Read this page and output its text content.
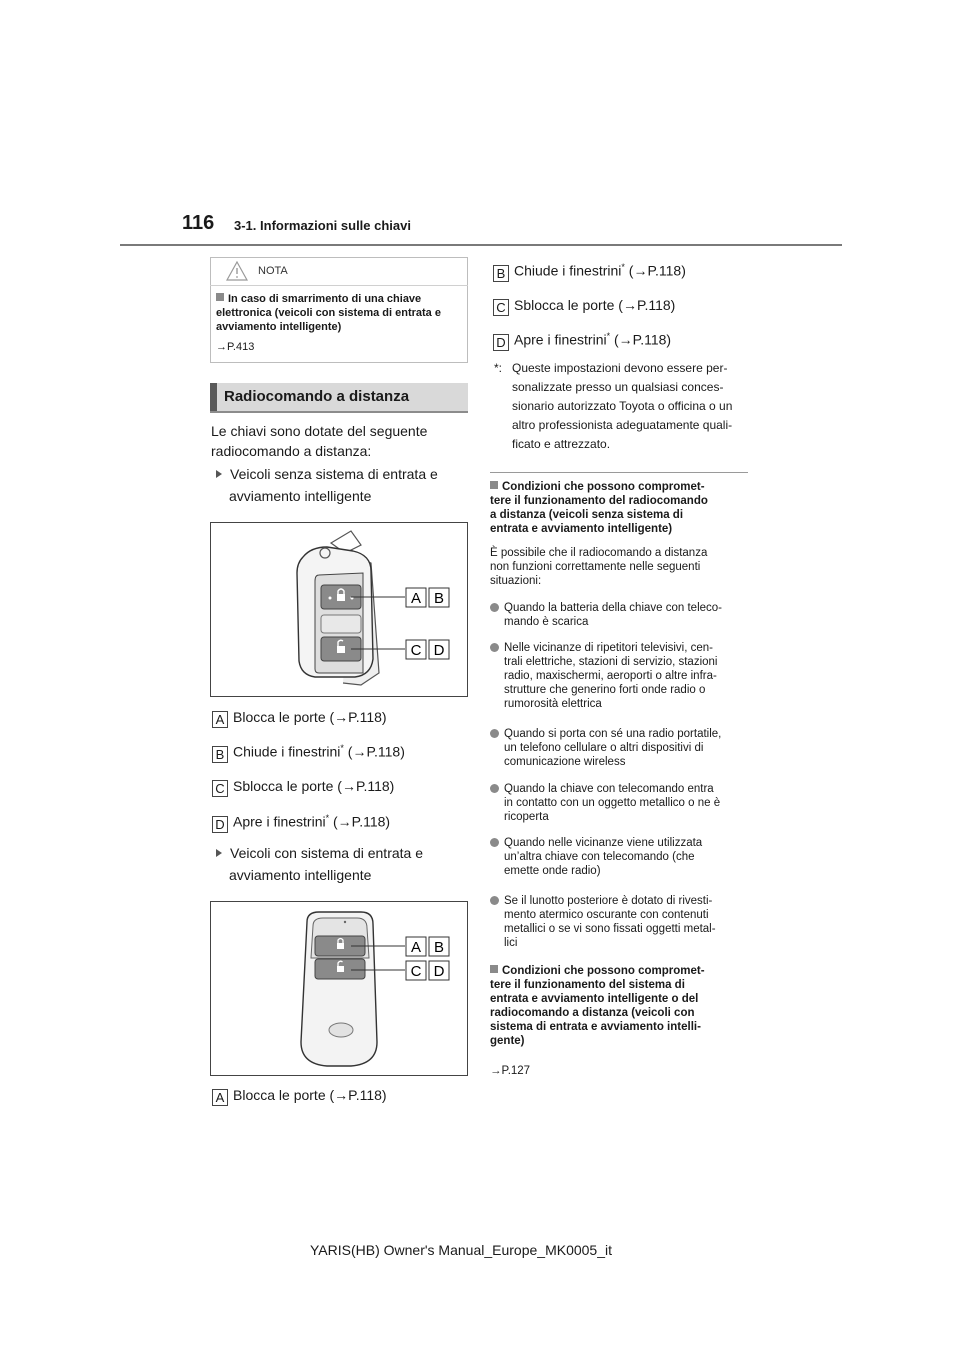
116 3-1. Informazioni sulle chiavi
NOTA
In caso di smarrimento di una chiave elettronica (veicoli con sistema di entrata e avviamento intelligente)
→P.413
Radiocomando a distanza
Le chiavi sono dotate del seguente radiocomando a distanza:
Veicoli senza sistema di entrata e
avviamento intelligente
A B
C D
A Blocca le porte (→P.118)
B Chiude i finestrini* (→P.118)
C Sblocca le porte (→P.118)
D Apre i finestrini* (→P.118)
Veicoli con sistema di entrata e
avviamento intelligente
A B
C D
A Blocca le porte (→P.118)
B Chiude i finestrini* (→P.118)
C Sblocca le porte (→P.118)
D Apre i finestrini* (→P.118)
*: Queste impostazioni devono essere per-
sonalizzate presso un qualsiasi conces-
sionario autorizzato Toyota o officina o un
altro professionista adeguatamente quali-
ficato e attrezzato.
Condizioni che possono compromet-
tere il funzionamento del radiocomando
a distanza (veicoli senza sistema di
entrata e avviamento intelligente)
È possibile che il radiocomando a distanza
non funzioni correttamente nelle seguenti
situazioni:
Quando la batteria della chiave con teleco-
mando è scarica
Nelle vicinanze di ripetitori televisivi, cen-
trali elettriche, stazioni di servizio, stazioni
radio, maxischermi, aeroporti o altre infra-
strutture che generino forti onde radio o
rumorosità elettrica
Quando si porta con sé una radio portatile,
un telefono cellulare o altri dispositivi di
comunicazione wireless
Quando la chiave con telecomando entra
in contatto con un oggetto metallico o ne è
ricoperta
Quando nelle vicinanze viene utilizzata
un’altra chiave con telecomando (che
emette onde radio)
Se il lunotto posteriore è dotato di rivesti-
mento atermico oscurante con contenuti
metallici o se vi sono fissati oggetti metal-
lici
Condizioni che possono compromet-
tere il funzionamento del sistema di
entrata e avviamento intelligente o del
radiocomando a distanza (veicoli con
sistema di entrata e avviamento intelli-
gente)
→P.127
YARIS(HB) Owner's Manual_Europe_MK0005_it
